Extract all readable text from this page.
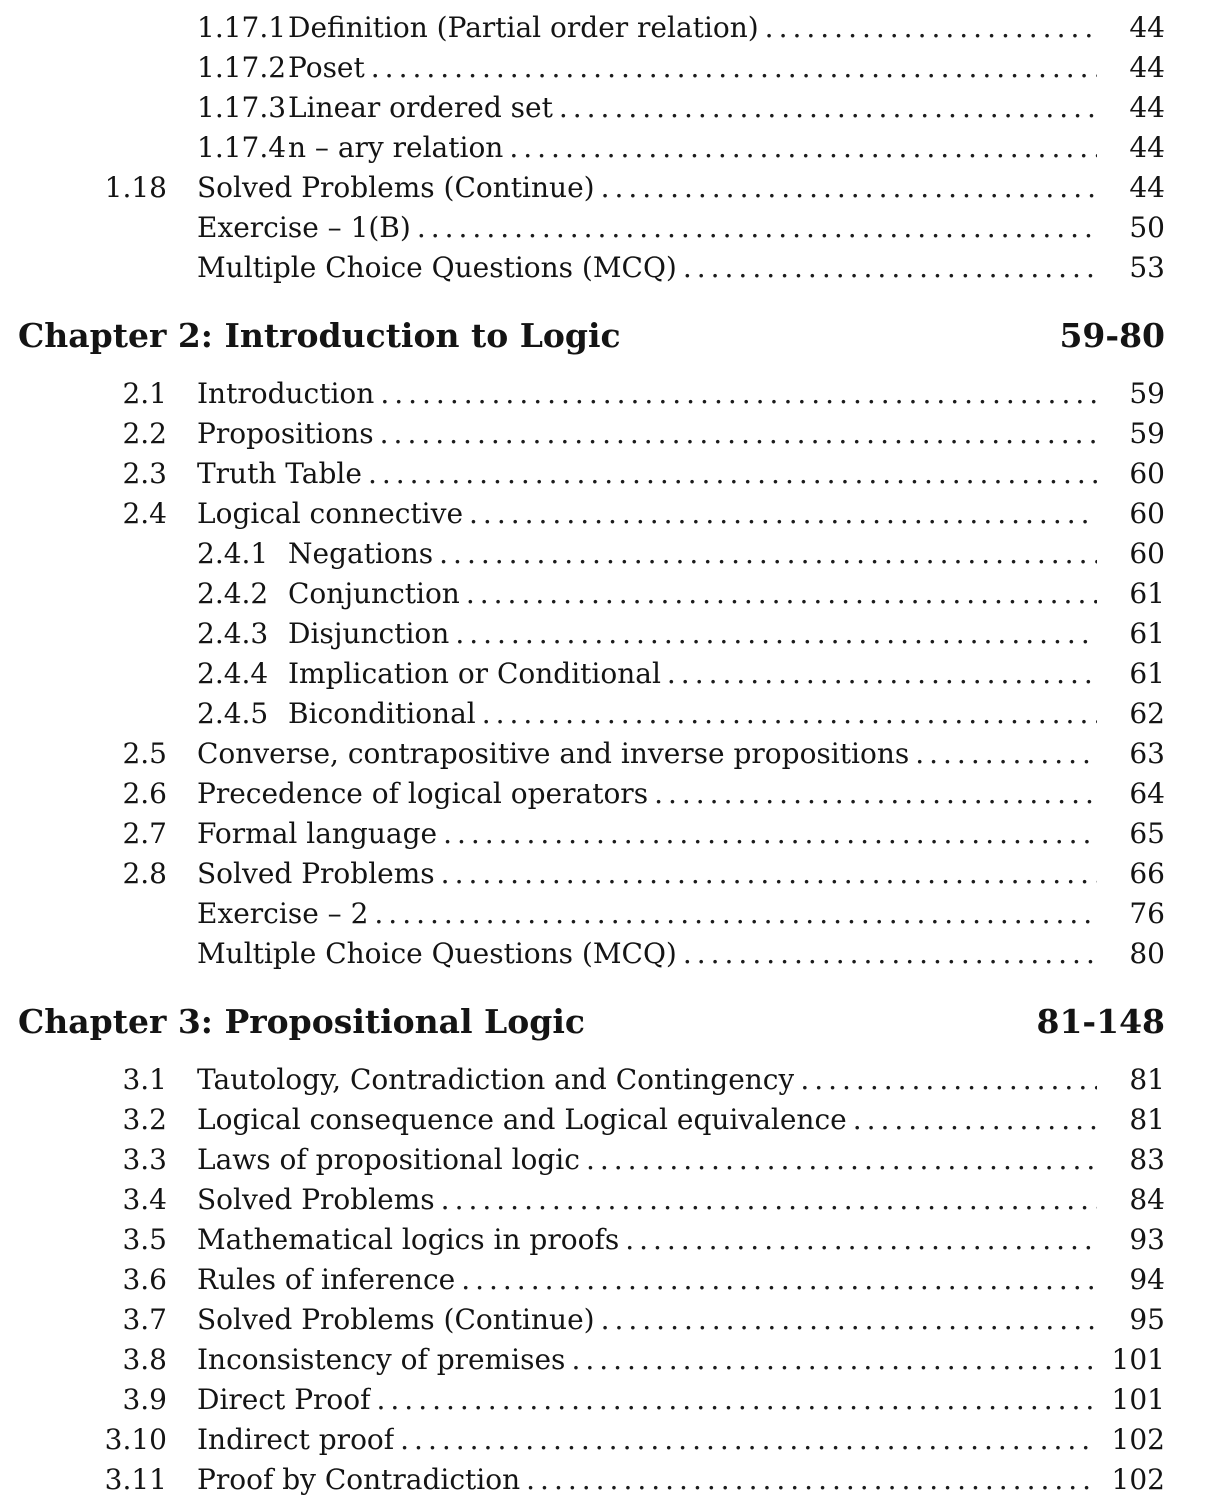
1.17.1 Definition (Partial order relation) .....	44
1.17.2 Poset .....	44
1.17.3 Linear ordered set .....	44
1.17.4 n – ary relation .....	44
1.18 Solved Problems (Continue) .....	44
Exercise – 1(B) .....	50
Multiple Choice Questions (MCQ) .....	53
Chapter 2: Introduction to Logic	59-80
2.1 Introduction .....	59
2.2 Propositions .....	59
2.3 Truth Table .....	60
2.4 Logical connective .....	60
2.4.1 Negations .....	60
2.4.2 Conjunction .....	61
2.4.3 Disjunction .....	61
2.4.4 Implication or Conditional .....	61
2.4.5 Biconditional .....	62
2.5 Converse, contrapositive and inverse propositions .....	63
2.6 Precedence of logical operators .....	64
2.7 Formal language .....	65
2.8 Solved Problems .....	66
Exercise – 2 .....	76
Multiple Choice Questions (MCQ) .....	80
Chapter 3: Propositional Logic	81-148
3.1 Tautology, Contradiction and Contingency .....	81
3.2 Logical consequence and Logical equivalence .....	81
3.3 Laws of propositional logic .....	83
3.4 Solved Problems .....	84
3.5 Mathematical logics in proofs .....	93
3.6 Rules of inference .....	94
3.7 Solved Problems (Continue) .....	95
3.8 Inconsistency of premises .....	101
3.9 Direct Proof .....	101
3.10 Indirect proof .....	102
3.11 Proof by Contradiction .....	102
